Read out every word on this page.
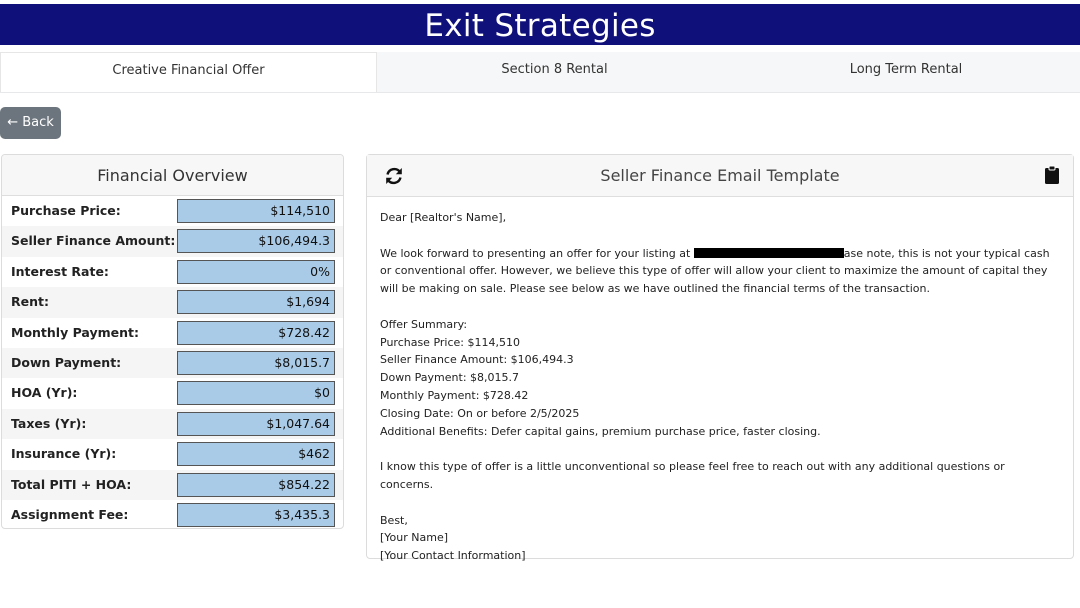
Exit Strategies
Creative Financial Offer	Section 8 Rental	Long Term Rental
← Back
Financial Overview
Purchase Price:	$114,510
Seller Finance Amount:	$106,494.3
Interest Rate:	0%
Rent:	$1,694
Monthly Payment:	$728.42
Down Payment:	$8,015.7
HOA (Yr):	$0
Taxes (Yr):	$1,047.64
Insurance (Yr):	$462
Total PITI + HOA:	$854.22
Assignment Fee:	$3,435.3
Seller Finance Email Template

Dear [Realtor's Name],

We look forward to presenting an offer for your listing at	ase note, this is not your typical cash or conventional offer. However, we believe this type of offer will allow your client to maximize the amount of capital they will be making on sale. Please see below as we have outlined the financial terms of the transaction.

Offer Summary:

Purchase Price: $114,510

Seller Finance Amount: $106,494.3

Down Payment: $8,015.7

Monthly Payment: $728.42

Closing Date: On or before 2/5/2025

Additional Benefits: Defer capital gains, premium purchase price, faster closing.

I know this type of offer is a little unconventional so please feel free to reach out with any additional questions or concerns.

Best,

[Your Name]

[Your Contact Information]
